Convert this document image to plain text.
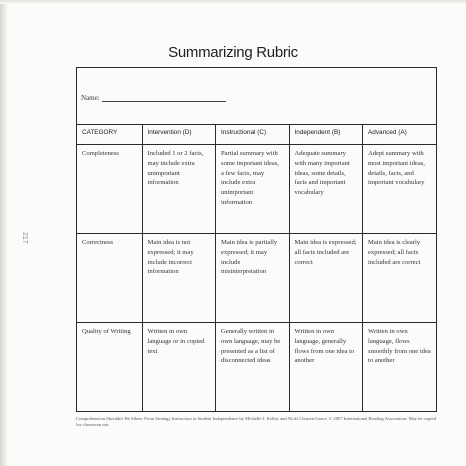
Summarizing Rubric
217
Name:
CATEGORY	Intervention (D)	Instructional (C)	Independent (B)	Advanced (A)
Completeness	Included 1 or 2 facts, may include extra unimportant information	Partial summary with some important ideas, a few facts, may include extra unimportant information	Adequate summary with many important ideas, some details, facts and important vocabulary	Adept summary with most important ideas, details, facts, and important vocabulary
Correctness	Main idea is not expressed; it may include incorrect information	Main idea is partially expressed; it may include misinterpretation	Main idea is expressed; all facts included are correct	Main idea is clearly expressed; all facts included are correct
Quality of Writing	Written in own language or in copied text	Generally written in own language, may be presented as a list of disconnected ideas	Written in own language, generally flows from one idea to another	Written in own language, flows smoothly from one idea to another
Comprehension Shouldn't Be Silent: From Strategy Instruction to Student Independence by Michelle J. Kelley and Nicki Clausen-Grace. © 2007 International Reading Association. May be copied for classroom use.
